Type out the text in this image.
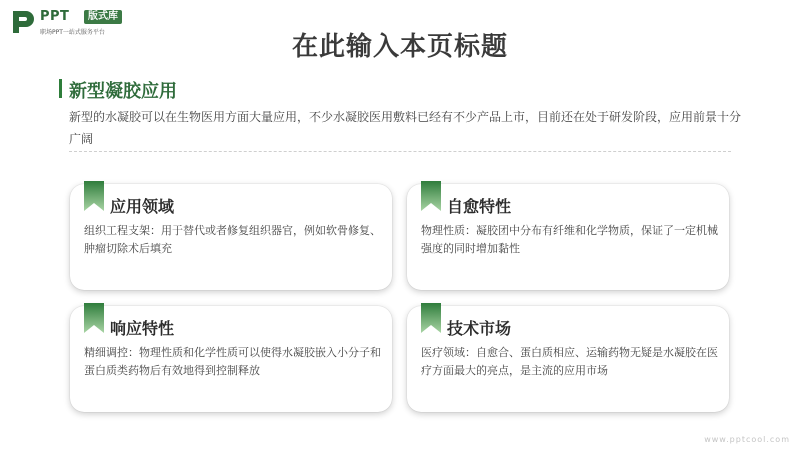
PPT	版式库
职场PPT一站式服务平台	在此输入本页标题
新型凝胶应用
新型的水凝胶可以在生物医用方面大量应用，不少水凝胶医用敷料已经有不少产品上市，目前还在处于研发阶段，应用前景十分广阔
应用领域
组织工程支架：用于替代或者修复组织器官，例如软骨修复、肿瘤切除术后填充
自愈特性
物理性质：凝胶团中分布有纤维和化学物质，保证了一定机械强度的同时增加黏性
响应特性
精细调控：物理性质和化学性质可以使得水凝胶嵌入小分子和蛋白质类药物后有效地得到控制释放
技术市场
医疗领域：自愈合、蛋白质相应、运输药物无疑是水凝胶在医疗方面最大的亮点，是主流的应用市场
www.pptcool.com
